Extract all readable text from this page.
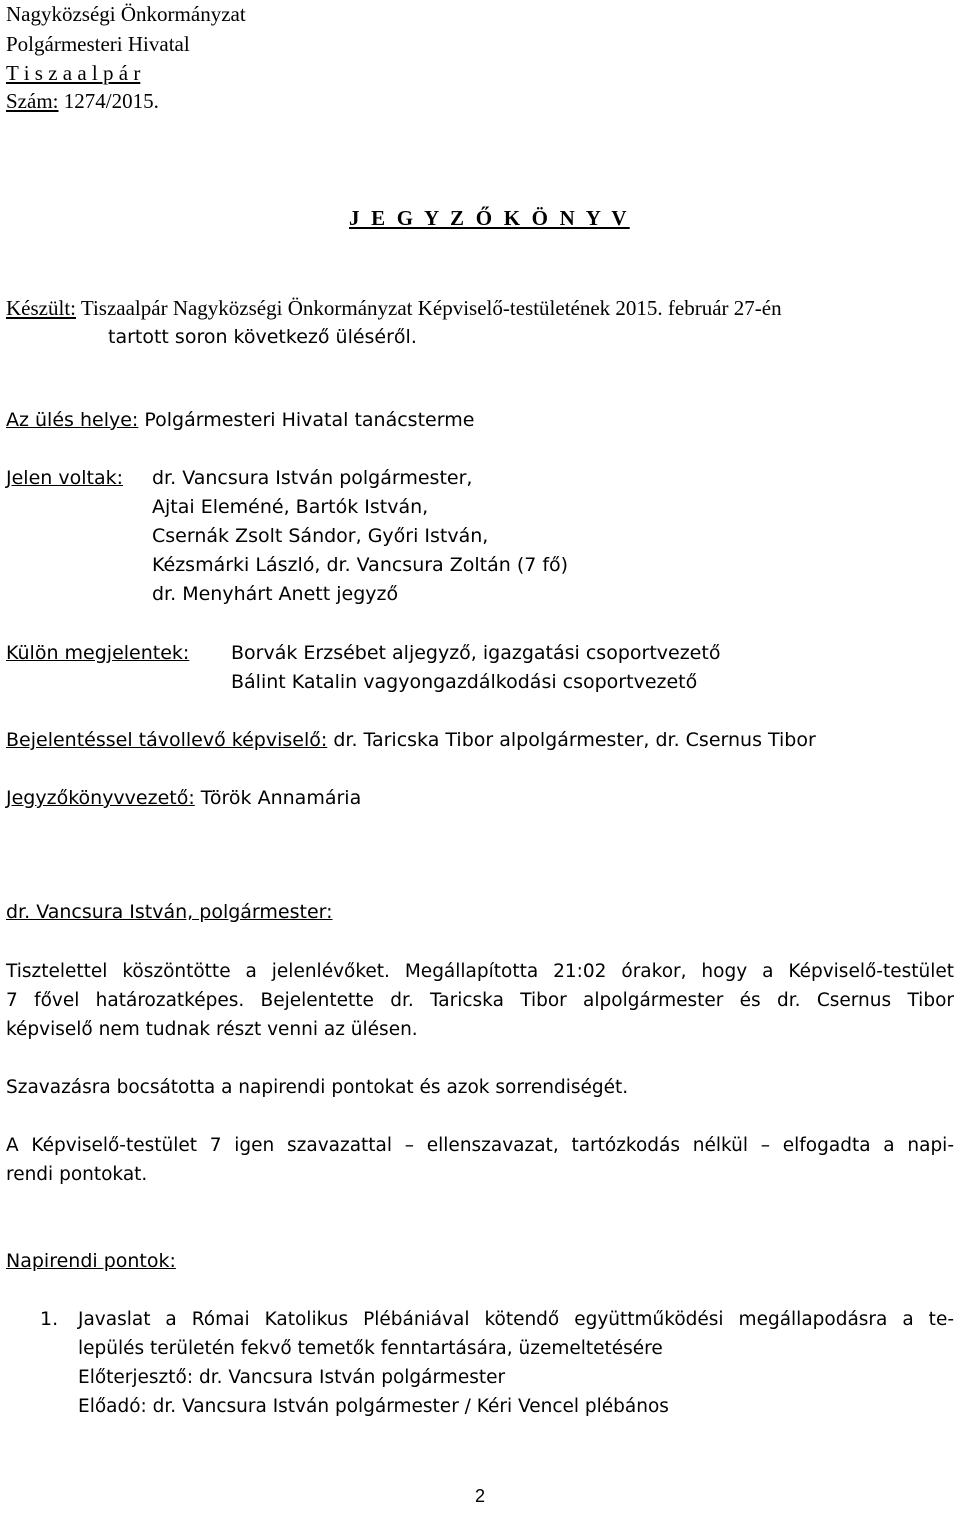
Nagyközségi Önkormányzat
Polgármesteri Hivatal
T i s z a a l p á r
Szám: 1274/2015.
J E G Y Z Ő K Ö N Y V
Készült: Tiszaalpár Nagyközségi Önkormányzat Képviselő-testületének 2015. február 27-én
tartott soron következő üléséről.
Az ülés helye: Polgármesteri Hivatal tanácsterme
Jelen voltak: dr. Vancsura István polgármester,
Ajtai Eleméné, Bartók István,
Csernák Zsolt Sándor, Győri István,
Kézsmárki László, dr. Vancsura Zoltán (7 fő)
dr. Menyhárt Anett jegyző
Külön megjelentek: Borvák Erzsébet aljegyző, igazgatási csoportvezető
Bálint Katalin vagyongazdálkodási csoportvezető
Bejelentéssel távollevő képviselő: dr. Taricska Tibor alpolgármester, dr. Csernus Tibor
Jegyzőkönyvvezető: Török Annamária
dr. Vancsura István, polgármester:
Tisztelettel köszöntötte a jelenlévőket. Megállapította 21:02 órakor, hogy a Képviselő-testület
7 fővel határozatképes. Bejelentette dr. Taricska Tibor alpolgármester és dr. Csernus Tibor
képviselő nem tudnak részt venni az ülésen.
Szavazásra bocsátotta a napirendi pontokat és azok sorrendiségét.
A Képviselő-testület 7 igen szavazattal – ellenszavazat, tartózkodás nélkül – elfogadta a napi-
rendi pontokat.
Napirendi pontok:
1. Javaslat a Római Katolikus Plébániával kötendő együttműködési megállapodásra a te-
lepülés területén fekvő temetők fenntartására, üzemeltetésére
Előterjesztő: dr. Vancsura István polgármester
Előadó: dr. Vancsura István polgármester / Kéri Vencel plébános
2
